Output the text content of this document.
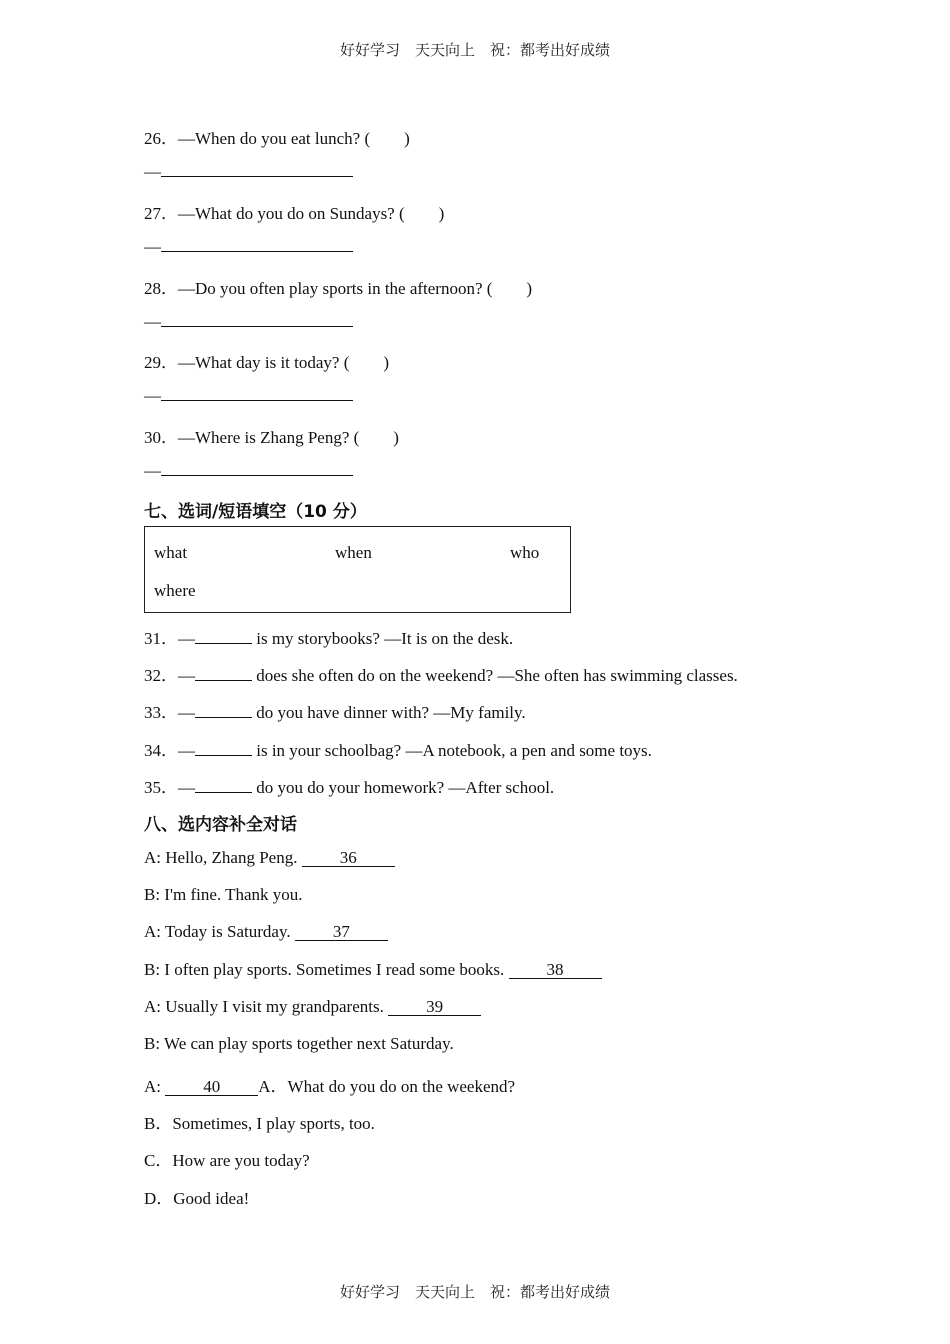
好好学习　天天向上　祝：都考出好成绩
26．—When do you eat lunch? (　　)
—
27．—What do you do on Sundays? (　　)
—
28．—Do you often play sports in the afternoon? (　　)
—
29．—What day is it today? (　　)
—
30．—Where is Zhang Peng? (　　)
—
七、选词/短语填空（10 分）
what	when	who
where
31．—	is my storybooks? —It is on the desk.
32．—	does she often do on the weekend? —She often has swimming classes.
33．—	do you have dinner with? —My family.
34．—	is in your schoolbag? —A notebook, a pen and some toys.
35．—	do you do your homework? —After school.
八、选内容补全对话
A: Hello, Zhang Peng. 36
B: I'm fine. Thank you.
A: Today is Saturday. 37
B: I often play sports. Sometimes I read some books. 38
A: Usually I visit my grandparents. 39
B: We can play sports together next Saturday.
A: 40 A．What do you do on the weekend?
B．Sometimes, I play sports, too.
C．How are you today?
D．Good idea!
好好学习　天天向上　祝：都考出好成绩
